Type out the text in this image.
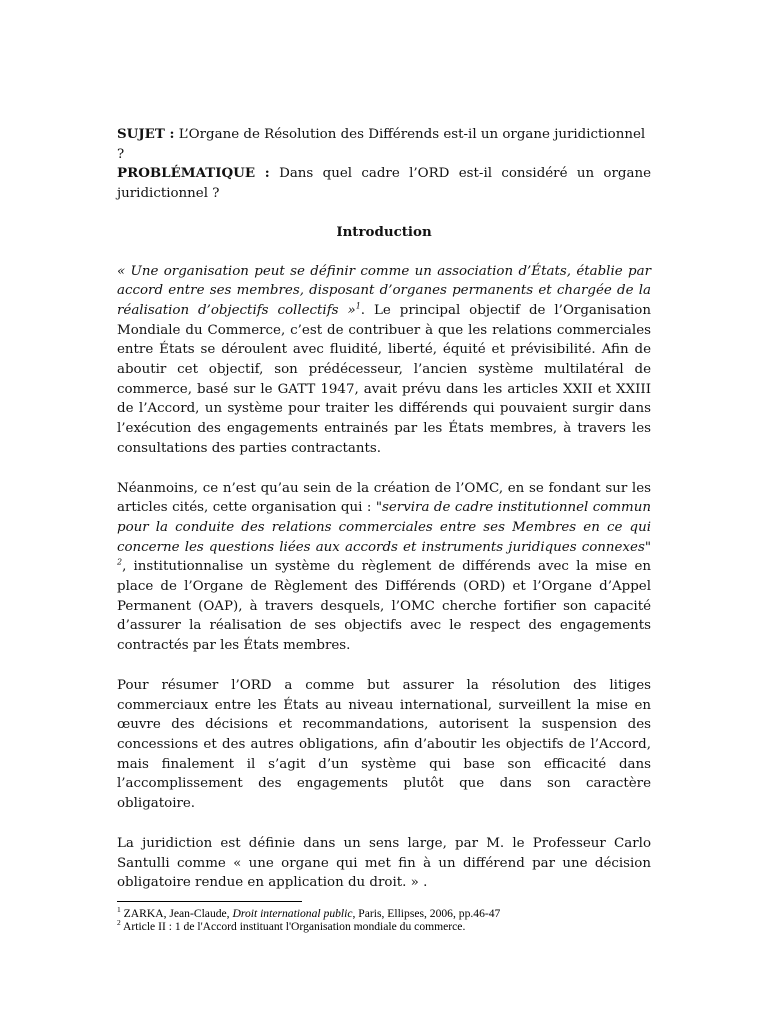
SUJET : L’Organe de Résolution des Différends est-il un organe juridictionnel ?
PROBLÉMATIQUE : Dans quel cadre l’ORD est-il considéré un organe juridictionnel ?
Introduction

« Une organisation peut se définir comme un association d’États, établie par accord entre ses membres, disposant d’organes permanents et chargée de la réalisation d’objectifs collectifs »$^1$. Le principal objectif de l’Organisation Mondiale du Commerce, c’est de contribuer à que les relations commerciales entre États se déroulent avec fluidité, liberté, équité et prévisibilité. Afin de aboutir cet objectif, son prédécesseur, l’ancien système multilatéral de commerce, basé sur le GATT 1947, avait prévu dans les articles XXII et XXIII de l’Accord, un système pour traiter les différends qui pouvaient surgir dans l’exécution des engagements entrainés par les États membres, à travers les consultations des parties contractants.

Néanmoins, ce n’est qu’au sein de la création de l’OMC, en se fondant sur les articles cités, cette organisation qui : "servira de cadre institutionnel commun pour la conduite des relations commerciales entre ses Membres en ce qui concerne les questions liées aux accords et instruments juridiques connexes" $^2$, institutionnalise un système du règlement de différends avec la mise en place de l’Organe de Règlement des Différends (ORD) et l’Organe d’Appel Permanent (OAP), à travers desquels, l’OMC cherche fortifier son capacité d’assurer la réalisation de ses objectifs avec le respect des engagements contractés par les États membres.

Pour résumer l’ORD a comme but assurer la résolution des litiges commerciaux entre les États au niveau international, surveillent la mise en œuvre des décisions et recommandations, autorisent la suspension des concessions et des autres obligations, afin d’aboutir les objectifs de l’Accord, mais finalement il s’agit d’un système qui base son efficacité dans l’accomplissement des engagements plutôt que dans son caractère obligatoire.

La juridiction est définie dans un sens large, par M. le Professeur Carlo Santulli comme « une organe qui met fin à un différend par une décision obligatoire rendue en application du droit. » .

$^1$ ZARKA, Jean-Claude, Droit international public, Paris, Ellipses, 2006, pp.46-47
$^2$ Article II : 1 de l'Accord instituant l'Organisation mondiale du commerce.
